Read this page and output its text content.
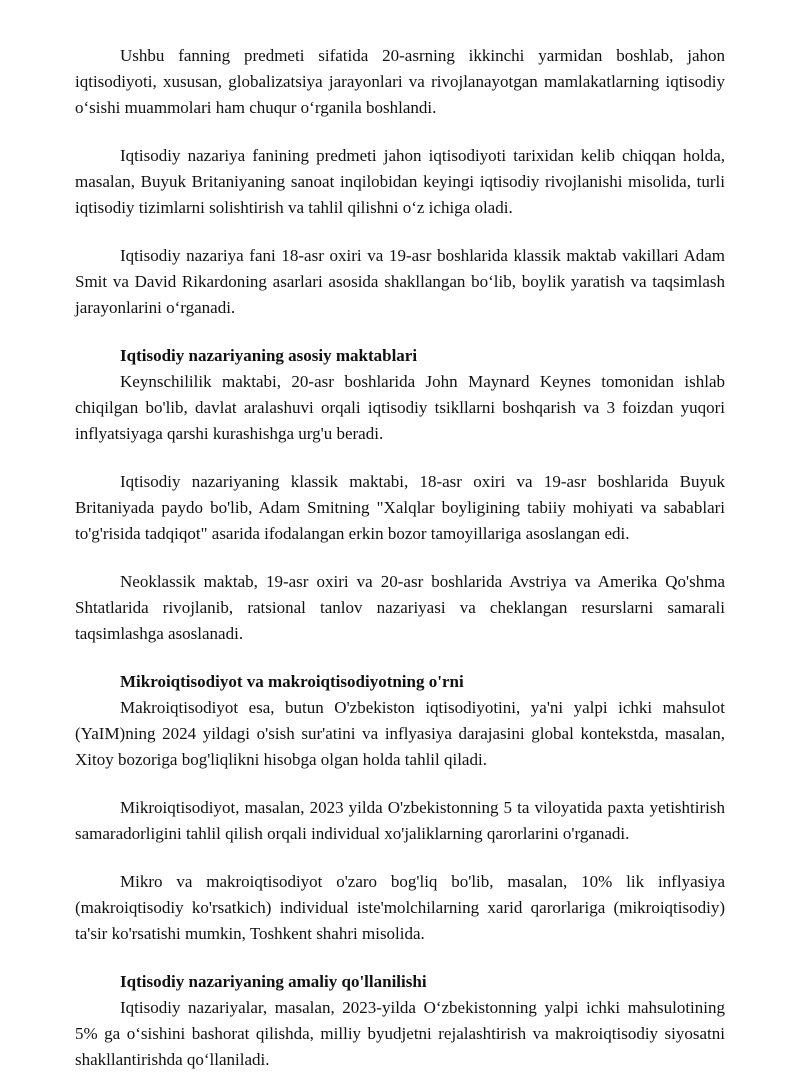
Ushbu fanning predmeti sifatida 20-asrning ikkinchi yarmidan boshlab, jahon iqtisodiyoti, xususan, globalizatsiya jarayonlari va rivojlanayotgan mamlakatlarning iqtisodiy o‘sishi muammolari ham chuqur o‘rganila boshlandi.

Iqtisodiy nazariya fanining predmeti jahon iqtisodiyoti tarixidan kelib chiqqan holda, masalan, Buyuk Britaniyaning sanoat inqilobidan keyingi iqtisodiy rivojlanishi misolida, turli iqtisodiy tizimlarni solishtirish va tahlil qilishni o‘z ichiga oladi.

Iqtisodiy nazariya fani 18-asr oxiri va 19-asr boshlarida klassik maktab vakillari Adam Smit va David Rikardoning asarlari asosida shakllangan bo‘lib, boylik yaratish va taqsimlash jarayonlarini o‘rganadi.

Iqtisodiy nazariyaning asosiy maktablari

Keynschililik maktabi, 20-asr boshlarida John Maynard Keynes tomonidan ishlab chiqilgan bo'lib, davlat aralashuvi orqali iqtisodiy tsikllarni boshqarish va 3 foizdan yuqori inflyatsiyaga qarshi kurashishga urg'u beradi.

Iqtisodiy nazariyaning klassik maktabi, 18-asr oxiri va 19-asr boshlarida Buyuk Britaniyada paydo bo'lib, Adam Smitning "Xalqlar boyligining tabiiy mohiyati va sabablari to'g'risida tadqiqot" asarida ifodalangan erkin bozor tamoyillariga asoslangan edi.

Neoklassik maktab, 19-asr oxiri va 20-asr boshlarida Avstriya va Amerika Qo'shma Shtatlarida rivojlanib, ratsional tanlov nazariyasi va cheklangan resurslarni samarali taqsimlashga asoslanadi.

Mikroiqtisodiyot va makroiqtisodiyotning o'rni

Makroiqtisodiyot esa, butun O'zbekiston iqtisodiyotini, ya'ni yalpi ichki mahsulot (YaIM)ning 2024 yildagi o'sish sur'atini va inflyasiya darajasini global kontekstda, masalan, Xitoy bozoriga bog'liqlikni hisobga olgan holda tahlil qiladi.

Mikroiqtisodiyot, masalan, 2023 yilda O'zbekistonning 5 ta viloyatida paxta yetishtirish samaradorligini tahlil qilish orqali individual xo'jaliklarning qarorlarini o'rganadi.

Mikro va makroiqtisodiyot o'zaro bog'liq bo'lib, masalan, 10% lik inflyasiya (makroiqtisodiy ko'rsatkich) individual iste'molchilarning xarid qarorlariga (mikroiqtisodiy) ta'sir ko'rsatishi mumkin, Toshkent shahri misolida.

Iqtisodiy nazariyaning amaliy qo'llanilishi

Iqtisodiy nazariyalar, masalan, 2023-yilda O‘zbekistonning yalpi ichki mahsulotining 5% ga o‘sishini bashorat qilishda, milliy byudjetni rejalashtirish va makroiqtisodiy siyosatni shakllantirishda qo‘llaniladi.
